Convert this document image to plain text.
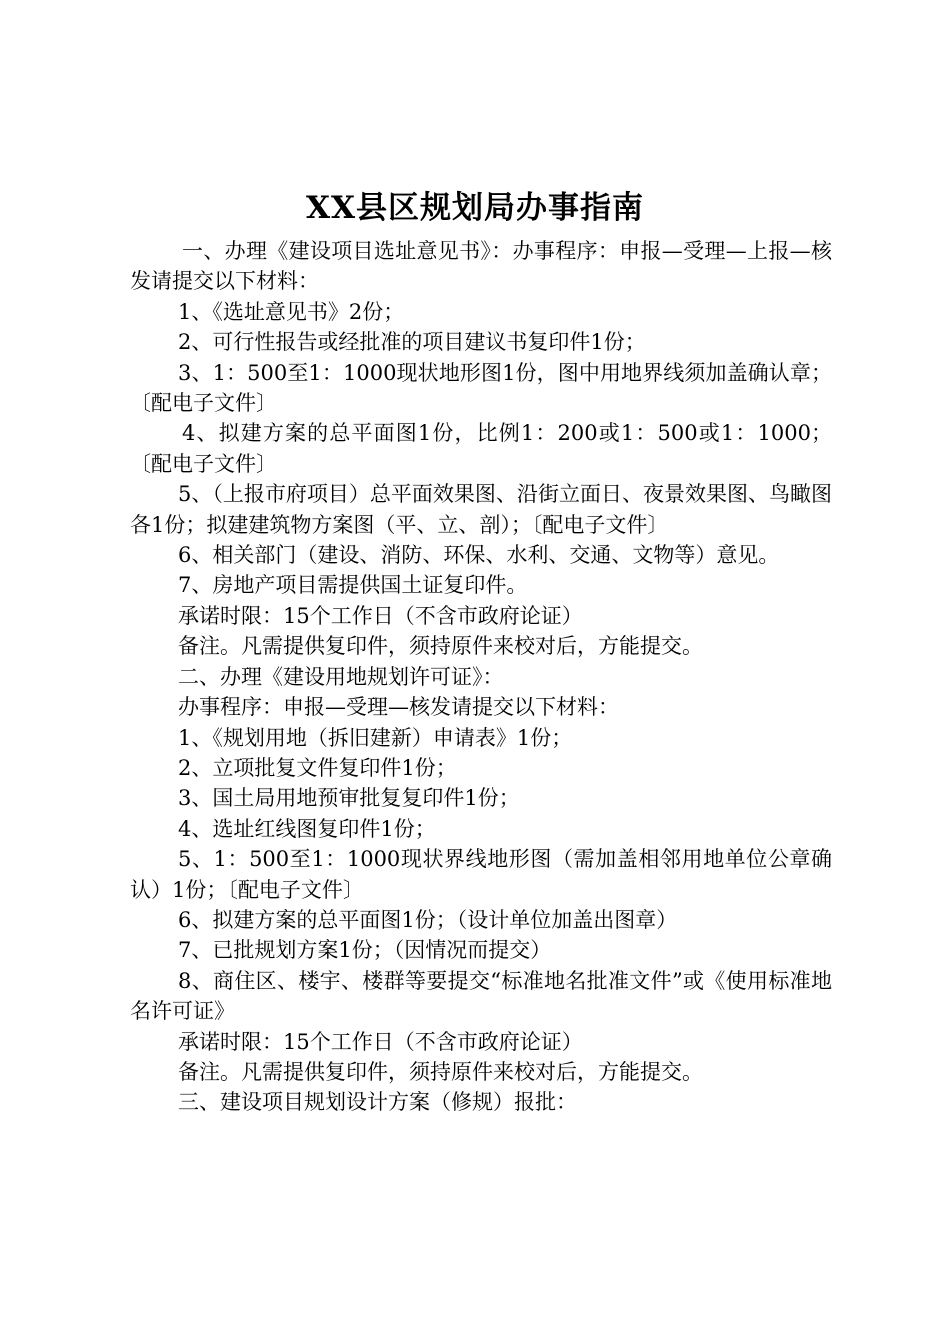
XX县区规划局办事指南

一、办理《建设项目选址意见书》：办事程序：申报—受理—上报—核发请提交以下材料：

1、《选址意见书》2份；

2、可行性报告或经批准的项目建议书复印件1份；

3、1：500至1：1000现状地形图1份，图中用地界线须加盖确认章；〔配电子文件〕

4、拟建方案的总平面图1份，比例1：200或1：500或1：1000；〔配电子文件〕

5、（上报市府项目）总平面效果图、沿街立面日、夜景效果图、鸟瞰图各1份；拟建建筑物方案图（平、立、剖）；〔配电子文件〕

6、相关部门（建设、消防、环保、水利、交通、文物等）意见。

7、房地产项目需提供国土证复印件。

承诺时限：15个工作日（不含市政府论证）

备注。凡需提供复印件，须持原件来校对后，方能提交。

二、办理《建设用地规划许可证》：

办事程序：申报—受理—核发请提交以下材料：

1、《规划用地（拆旧建新）申请表》1份；

2、立项批复文件复印件1份；

3、国土局用地预审批复复印件1份；

4、选址红线图复印件1份；

5、1：500至1：1000现状界线地形图（需加盖相邻用地单位公章确认）1份；〔配电子文件〕

6、拟建方案的总平面图1份；（设计单位加盖出图章）

7、已批规划方案1份；（因情况而提交）

8、商住区、楼宇、楼群等要提交“标准地名批准文件”或《使用标准地名许可证》

承诺时限：15个工作日（不含市政府论证）

备注。凡需提供复印件，须持原件来校对后，方能提交。

三、建设项目规划设计方案（修规）报批：
